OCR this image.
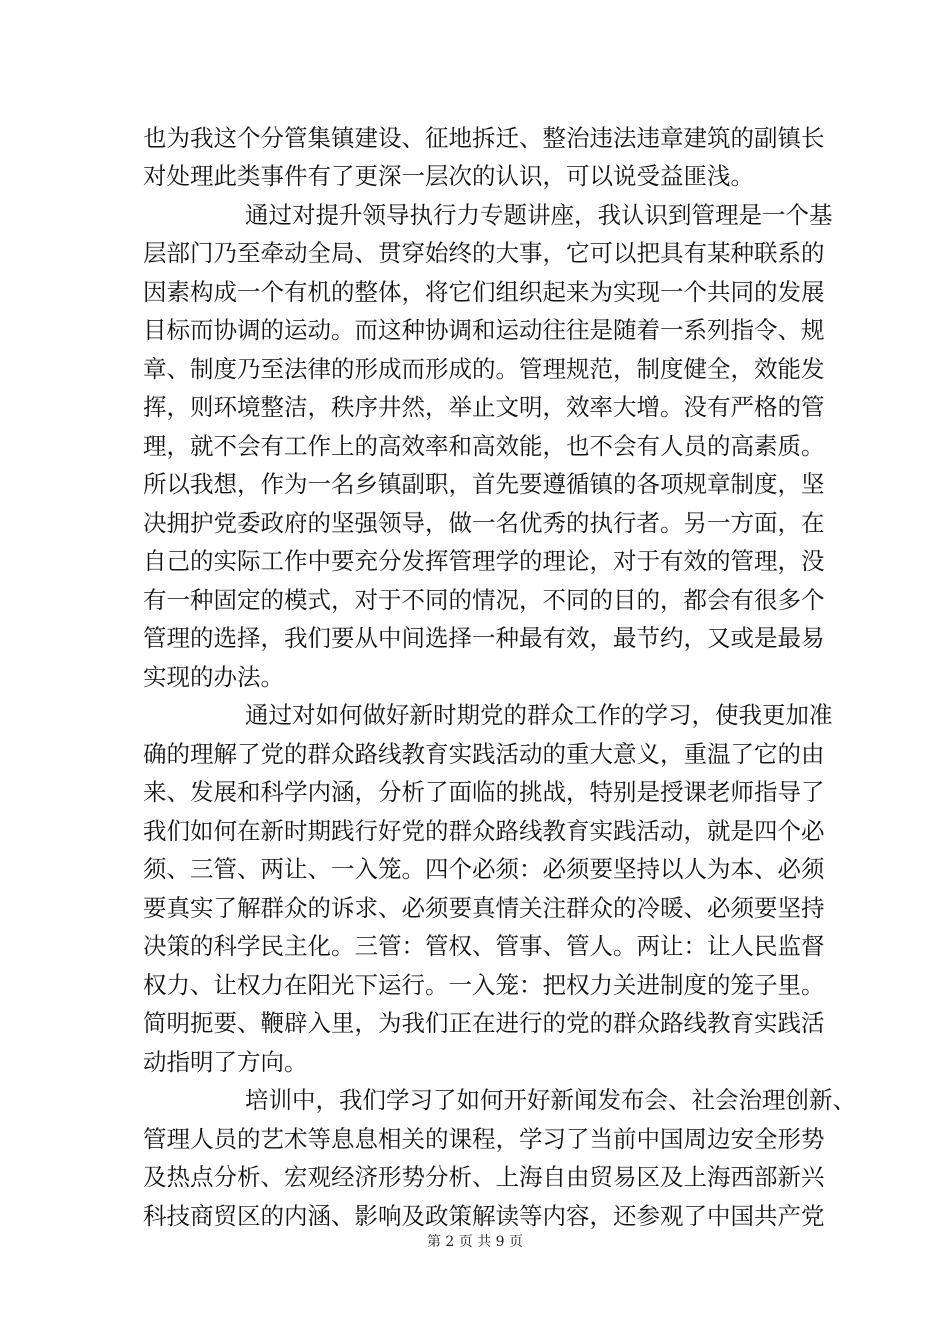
也为我这个分管集镇建设、征地拆迁、整治违法违章建筑的副镇长
对处理此类事件有了更深一层次的认识，可以说受益匪浅。
通过对提升领导执行力专题讲座，我认识到管理是一个基
层部门乃至牵动全局、贯穿始终的大事，它可以把具有某种联系的
因素构成一个有机的整体，将它们组织起来为实现一个共同的发展
目标而协调的运动。而这种协调和运动往往是随着一系列指令、规
章、制度乃至法律的形成而形成的。管理规范，制度健全，效能发
挥，则环境整洁，秩序井然，举止文明，效率大增。没有严格的管
理，就不会有工作上的高效率和高效能，也不会有人员的高素质。
所以我想，作为一名乡镇副职，首先要遵循镇的各项规章制度，坚
决拥护党委政府的坚强领导，做一名优秀的执行者。另一方面，在
自己的实际工作中要充分发挥管理学的理论，对于有效的管理，没
有一种固定的模式，对于不同的情况，不同的目的，都会有很多个
管理的选择，我们要从中间选择一种最有效，最节约，又或是最易
实现的办法。
通过对如何做好新时期党的群众工作的学习，使我更加准
确的理解了党的群众路线教育实践活动的重大意义，重温了它的由
来、发展和科学内涵，分析了面临的挑战，特别是授课老师指导了
我们如何在新时期践行好党的群众路线教育实践活动，就是四个必
须、三管、两让、一入笼。四个必须：必须要坚持以人为本、必须
要真实了解群众的诉求、必须要真情关注群众的冷暖、必须要坚持
决策的科学民主化。三管：管权、管事、管人。两让：让人民监督
权力、让权力在阳光下运行。一入笼：把权力关进制度的笼子里。
简明扼要、鞭辟入里，为我们正在进行的党的群众路线教育实践活
动指明了方向。
培训中，我们学习了如何开好新闻发布会、社会治理创新、
管理人员的艺术等息息相关的课程，学习了当前中国周边安全形势
及热点分析、宏观经济形势分析、上海自由贸易区及上海西部新兴
科技商贸区的内涵、影响及政策解读等内容，还参观了中国共产党
第 2 页 共 9 页
